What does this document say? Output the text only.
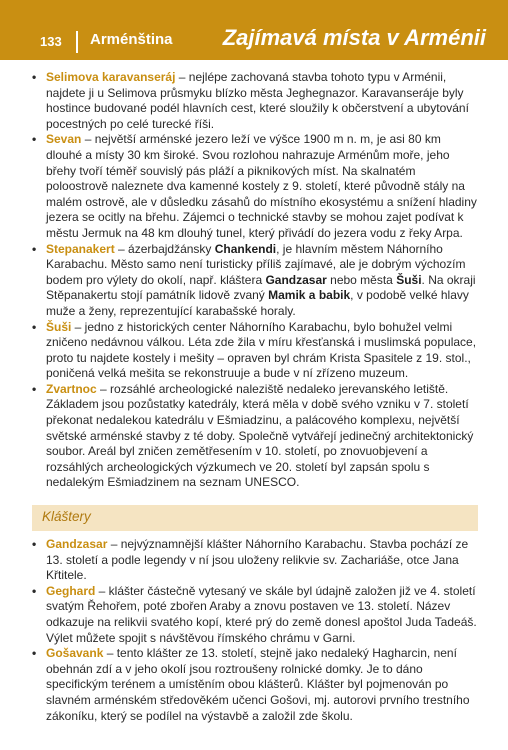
133 Arménština Zajímavá místa v Arménii
• Selimova karavanseráj – nejlépe zachovaná stavba tohoto typu v Arménii, najdete ji u Selimova průsmyku blízko města Jeghegnazor. Karavanseráje byly hostince budované podél hlavních cest, které sloužily k občerstvení a ubytování pocestných po celé turecké říši.
• Sevan – největší arménské jezero leží ve výšce 1900 m n. m, je asi 80 km dlouhé a místy 30 km široké. Svou rozlohou nahrazuje Arménům moře, jeho břehy tvoří téměř souvislý pás pláží a piknikových míst. Na skalnatém poloostrově naleznete dva kamenné kostely z 9. století, které původně stály na malém ostrově, ale v důsledku zásahů do místního ekosystému a snížení hladiny jezera se ocitly na břehu. Zájemci o technické stavby se mohou zajet podívat k městu Jermuk na 48 km dlouhý tunel, který přivádí do jezera vodu z řeky Arpa.
• Stepanakert – ázerbajdžánsky Chankendi, je hlavním městem Náhorního Karabachu. Město samo není turisticky příliš zajímavé, ale je dobrým výchozím bodem pro výlety do okolí, např. kláštera Gandzasar nebo města Šuši. Na okraji Stěpanakertu stojí památník lidově zvaný Mamik a babik, v podobě velké hlavy muže a ženy, reprezentující karabašské horaly.
• Šuši – jedno z historických center Náhorního Karabachu, bylo bohužel velmi zničeno nedávnou válkou. Léta zde žila v míru křesťanská i muslimská populace, proto tu najdete kostely i mešity – opraven byl chrám Krista Spasitele z 19. stol., poničená velká mešita se rekonstruuje a bude v ní zřízeno muzeum.
• Zvartnoc – rozsáhlé archeologické naleziště nedaleko jerevanského letiště. Základem jsou pozůstatky katedrály, která měla v době svého vzniku v 7. století překonat nedalekou katedrálu v Ešmiadzinu, a palácového komplexu, největší světské arménské stavby z té doby. Společně vytvářejí jedinečný architektonický soubor. Areál byl zničen zemětřesením v 10. století, po znovuobjevení a rozsáhlých archeologických výzkumech ve 20. století byl zapsán spolu s nedalekým Ešmiadzinem na seznam UNESCO.
Kláštery
• Gandzasar – nejvýznamnější klášter Náhorního Karabachu. Stavba pochází ze 13. století a podle legendy v ní jsou uloženy relikvie sv. Zachariáše, otce Jana Křtitele.
• Geghard – klášter částečně vytesaný ve skále byl údajně založen již ve 4. století svatým Řehořem, poté zbořen Araby a znovu postaven ve 13. století. Název odkazuje na relikvii svatého kopí, které prý do země donesl apoštol Juda Tadeáš. Výlet můžete spojit s návštěvou římského chrámu v Garni.
• Gošavank – tento klášter ze 13. století, stejně jako nedaleký Hagharcin, není obehnán zdí a v jeho okolí jsou roztroušeny rolnické domky. Je to dáno specifickým terénem a umístěním obou klášterů. Klášter byl pojmenován po slavném arménském středověkém učenci Gošovi, mj. autorovi prvního trestního zákoníku, který se podílel na výstavbě a založil zde školu.
